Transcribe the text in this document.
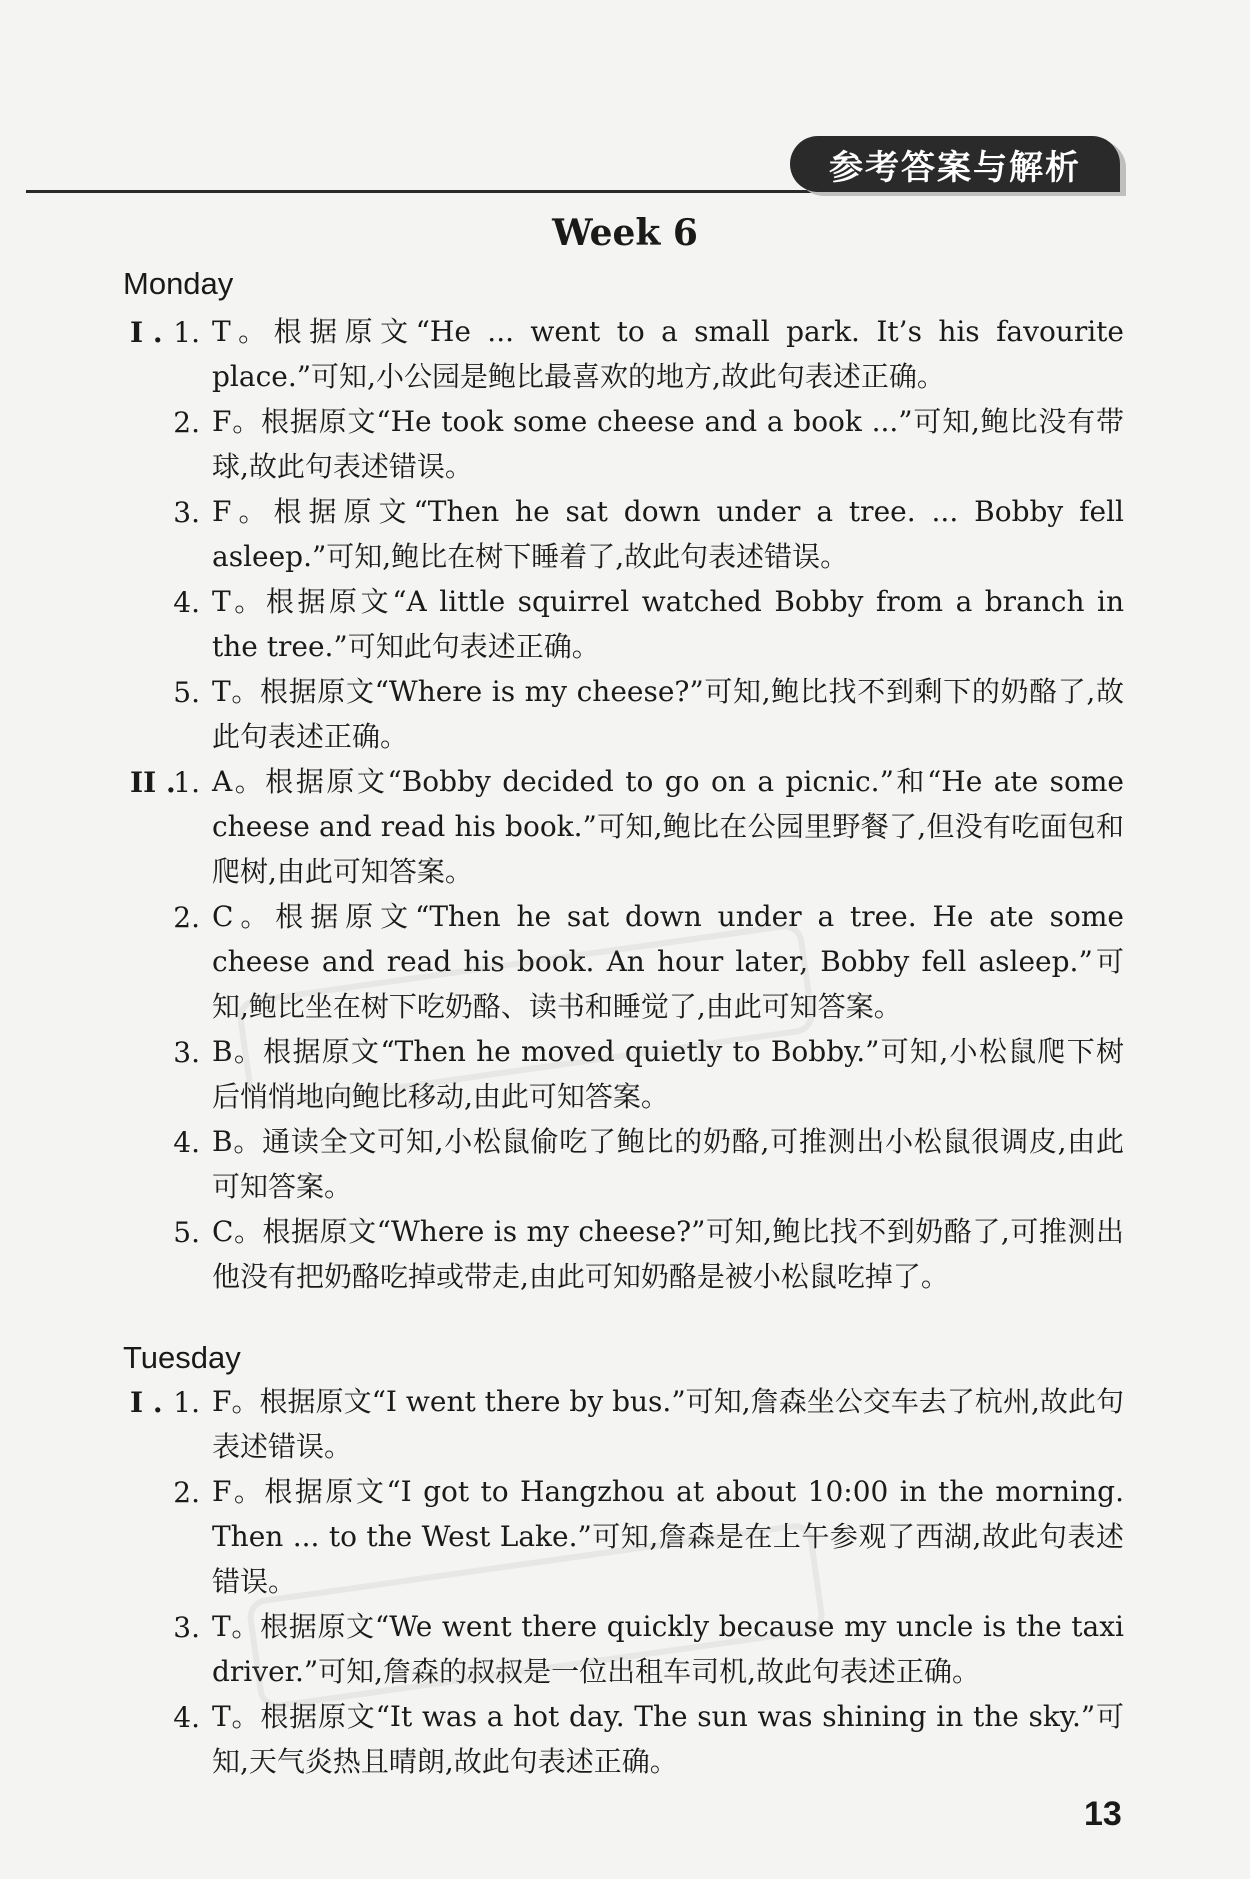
参考答案与解析
Week 6
Monday
I . 1. T。根据原文“He ... went to a small park. It’s his favourite place.”可知,小公园是鲍比最喜欢的地方,故此句表述正确。
2. F。根据原文“He took some cheese and a book ...”可知,鲍比没有带球,故此句表述错误。
3. F。根据原文“Then he sat down under a tree. ... Bobby fell asleep.”可知,鲍比在树下睡着了,故此句表述错误。
4. T。根据原文“A little squirrel watched Bobby from a branch in the tree.”可知此句表述正确。
5. T。根据原文“Where is my cheese?”可知,鲍比找不到剩下的奶酪了,故此句表述正确。
II .
1. A。根据原文“Bobby decided to go on a picnic.”和“He ate some cheese and read his book.”可知,鲍比在公园里野餐了,但没有吃面包和爬树,由此可知答案。
2. C。根据原文“Then he sat down under a tree. He ate some cheese and read his book. An hour later, Bobby fell asleep.”可知,鲍比坐在树下吃奶酪、读书和睡觉了,由此可知答案。
3. B。根据原文“Then he moved quietly to Bobby.”可知,小松鼠爬下树后悄悄地向鲍比移动,由此可知答案。
4. B。通读全文可知,小松鼠偷吃了鲍比的奶酪,可推测出小松鼠很调皮,由此可知答案。
5. C。根据原文“Where is my cheese?”可知,鲍比找不到奶酪了,可推测出他没有把奶酪吃掉或带走,由此可知奶酪是被小松鼠吃掉了。
Tuesday
I . 1. F。根据原文“I went there by bus.”可知,詹森坐公交车去了杭州,故此句表述错误。
2. F。根据原文“I got to Hangzhou at about 10:00 in the morning. Then ... to the West Lake.”可知,詹森是在上午参观了西湖,故此句表述错误。
3. T。根据原文“We went there quickly because my uncle is the taxi driver.”可知,詹森的叔叔是一位出租车司机,故此句表述正确。
4. T。根据原文“It was a hot day. The sun was shining in the sky.”可知,天气炎热且晴朗,故此句表述正确。
13
